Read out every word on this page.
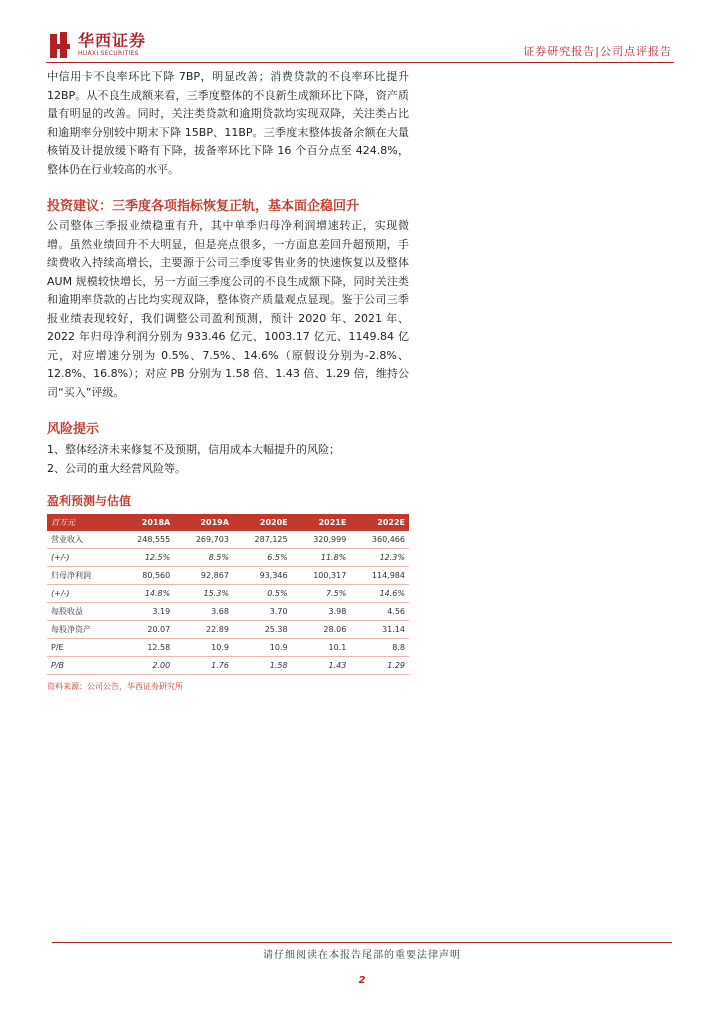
华西证券
HUAXI SECURITIES	证券研究报告|公司点评报告

中信用卡不良率环比下降 7BP，明显改善；消费贷款的不良率环比提升 12BP。从不良生成额来看，三季度整体的不良新生成额环比下降，资产质量有明显的改善。同时，关注类贷款和逾期贷款均实现双降，关注类占比和逾期率分别较中期末下降 15BP、11BP。三季度末整体拔备余额在大量核销及计提放缓下略有下降，拔备率环比下降 16 个百分点至 424.8%，整体仍在行业较高的水平。

投资建议：三季度各项指标恢复正轨，基本面企稳回升

公司整体三季报业绩稳重有升，其中单季归母净利润增速转正，实现微增。虽然业绩回升不大明显，但是亮点很多，一方面息差回升超预期，手续费收入持续高增长，主要源于公司三季度零售业务的快速恢复以及整体 AUM 规模较快增长，另一方面三季度公司的不良生成额下降，同时关注类和逾期率贷款的占比均实现双降，整体资产质量观点显现。鉴于公司三季报业绩表现较好，我们调整公司盈利预测，预计 2020 年、2021 年、2022 年归母净利润分别为 933.46 亿元、1003.17 亿元、1149.84 亿元，对应增速分别为 0.5%、7.5%、14.6%（原假设分别为-2.8%、12.8%、16.8%）；对应 PB 分别为 1.58 倍、1.43 倍、1.29 倍，维持公司“买入”评级。

风险提示

1、整体经济未来修复不及预期，信用成本大幅提升的风险；

2、公司的重大经营风险等。

盈利预测与估值

百万元	2018A	2019A	2020E	2021E	2022E
营业收入	248,555	269,703	287,125	320,999	360,466
(+/-)	12.5%	8.5%	6.5%	11.8%	12.3%
归母净利润	80,560	92,867	93,346	100,317	114,984
(+/-)	14.8%	15.3%	0.5%	7.5%	14.6%
每股收益	3.19	3.68	3.70	3.98	4.56
每股净资产	20.07	22.89	25.38	28.06	31.14
P/E	12.58	10.9	10.9	10.1	8.8
P/B	2.00	1.76	1.58	1.43	1.29
资料来源：公司公告，华西证券研究所
请仔细阅读在本报告尾部的重要法律声明
2
